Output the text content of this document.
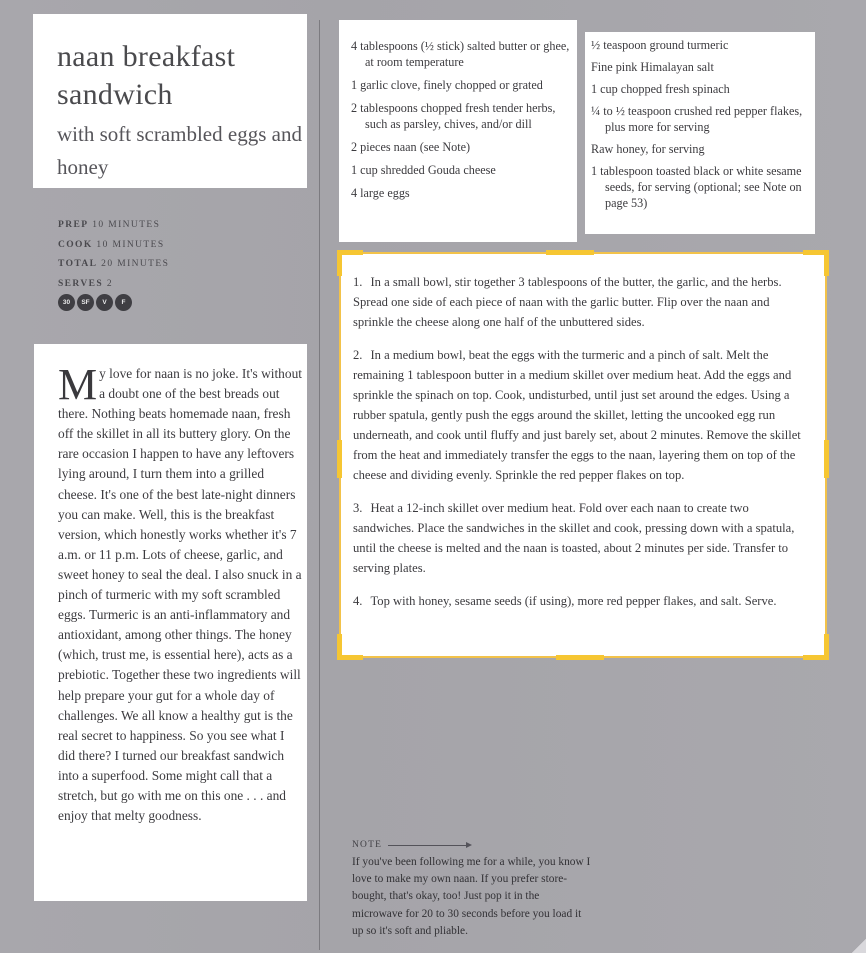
naan breakfast sandwich
with soft scrambled eggs and honey
PREP 10 MINUTES
COOK 10 MINUTES
TOTAL 20 MINUTES
SERVES 2
30	SF	V	F
My love for naan is no joke. It's without a doubt one of the best breads out there. Nothing beats homemade naan, fresh off the skillet in all its buttery glory. On the rare occasion I happen to have any leftovers lying around, I turn them into a grilled cheese. It's one of the best late-night dinners you can make. Well, this is the breakfast version, which honestly works whether it's 7 a.m. or 11 p.m. Lots of cheese, garlic, and sweet honey to seal the deal. I also snuck in a pinch of turmeric with my soft scrambled eggs. Turmeric is an anti-inflammatory and antioxidant, among other things. The honey (which, trust me, is essential here), acts as a prebiotic. Together these two ingredients will help prepare your gut for a whole day of challenges. We all know a healthy gut is the real secret to happiness. So you see what I did there? I turned our breakfast sandwich into a superfood. Some might call that a stretch, but go with me on this one . . . and enjoy that melty goodness.
4 tablespoons (½ stick) salted butter or ghee, at room temperature
1 garlic clove, finely chopped or grated
2 tablespoons chopped fresh tender herbs, such as parsley, chives, and/or dill
2 pieces naan (see Note)
1 cup shredded Gouda cheese
4 large eggs
½ teaspoon ground turmeric
Fine pink Himalayan salt
1 cup chopped fresh spinach
¼ to ½ teaspoon crushed red pepper flakes, plus more for serving
Raw honey, for serving
1 tablespoon toasted black or white sesame seeds, for serving (optional; see Note on page 53)

1. In a small bowl, stir together 3 tablespoons of the butter, the garlic, and the herbs. Spread one side of each piece of naan with the garlic butter. Flip over the naan and sprinkle the cheese along one half of the unbuttered sides.

2. In a medium bowl, beat the eggs with the turmeric and a pinch of salt. Melt the remaining 1 tablespoon butter in a medium skillet over medium heat. Add the eggs and sprinkle the spinach on top. Cook, undisturbed, until just set around the edges. Using a rubber spatula, gently push the eggs around the skillet, letting the uncooked egg run underneath, and cook until fluffy and just barely set, about 2 minutes. Remove the skillet from the heat and immediately transfer the eggs to the naan, layering them on top of the cheese and dividing evenly. Sprinkle the red pepper flakes on top.

3. Heat a 12-inch skillet over medium heat. Fold over each naan to create two sandwiches. Place the sandwiches in the skillet and cook, pressing down with a spatula, until the cheese is melted and the naan is toasted, about 2 minutes per side. Transfer to serving plates.

4. Top with honey, sesame seeds (if using), more red pepper flakes, and salt. Serve.

NOTE
If you've been following me for a while, you know I love to make my own naan. If you prefer store-bought, that's okay, too! Just pop it in the microwave for 20 to 30 seconds before you load it up so it's soft and pliable.
